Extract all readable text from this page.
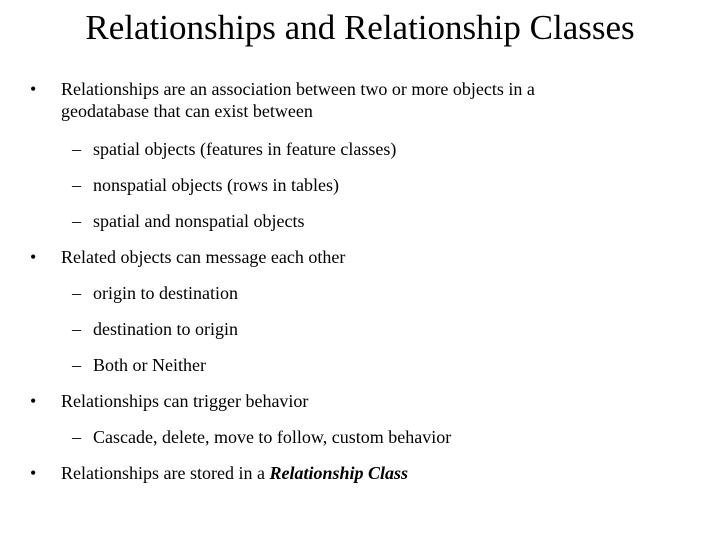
Relationships and Relationship Classes
•	Relationships are an association between two or more objects in a geodatabase that can exist between
– spatial objects (features in feature classes)
– nonspatial objects (rows in tables)
– spatial and nonspatial objects
•	Related objects can message each other
– origin to destination
– destination to origin
– Both or Neither
•	Relationships can trigger behavior
– Cascade, delete, move to follow, custom behavior
•	Relationships are stored in a Relationship Class
